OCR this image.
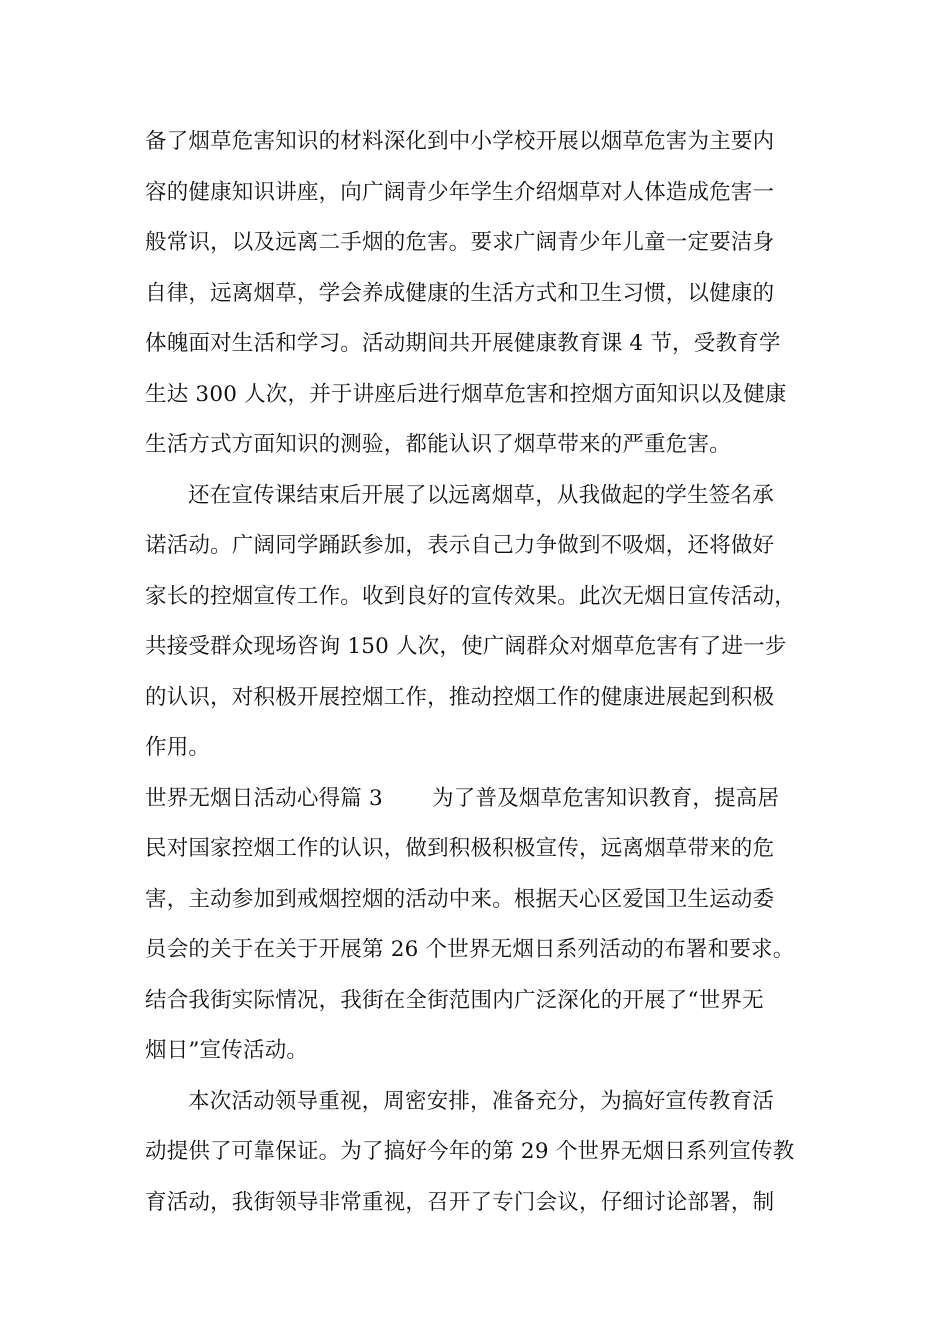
备了烟草危害知识的材料深化到中小学校开展以烟草危害为主要内
容的健康知识讲座，向广阔青少年学生介绍烟草对人体造成危害一
般常识，以及远离二手烟的危害。要求广阔青少年儿童一定要洁身
自律，远离烟草，学会养成健康的生活方式和卫生习惯，以健康的
体魄面对生活和学习。活动期间共开展健康教育课 4 节，受教育学
生达 300 人次，并于讲座后进行烟草危害和控烟方面知识以及健康
生活方式方面知识的测验，都能认识了烟草带来的严重危害。
还在宣传课结束后开展了以远离烟草，从我做起的学生签名承
诺活动。广阔同学踊跃参加，表示自己力争做到不吸烟，还将做好
家长的控烟宣传工作。收到良好的宣传效果。此次无烟日宣传活动，
共接受群众现场咨询 150 人次，使广阔群众对烟草危害有了进一步
的认识，对积极开展控烟工作，推动控烟工作的健康进展起到积极
作用。
世界无烟日活动心得篇 3 为了普及烟草危害知识教育，提高居
民对国家控烟工作的认识，做到积极积极宣传，远离烟草带来的危
害，主动参加到戒烟控烟的活动中来。根据天心区爱国卫生运动委
员会的关于在关于开展第 26 个世界无烟日系列活动的布署和要求。
结合我街实际情况，我街在全街范围内广泛深化的开展了“世界无
烟日”宣传活动。
本次活动领导重视，周密安排，准备充分，为搞好宣传教育活
动提供了可靠保证。为了搞好今年的第 29 个世界无烟日系列宣传教
育活动，我街领导非常重视，召开了专门会议，仔细讨论部署，制
